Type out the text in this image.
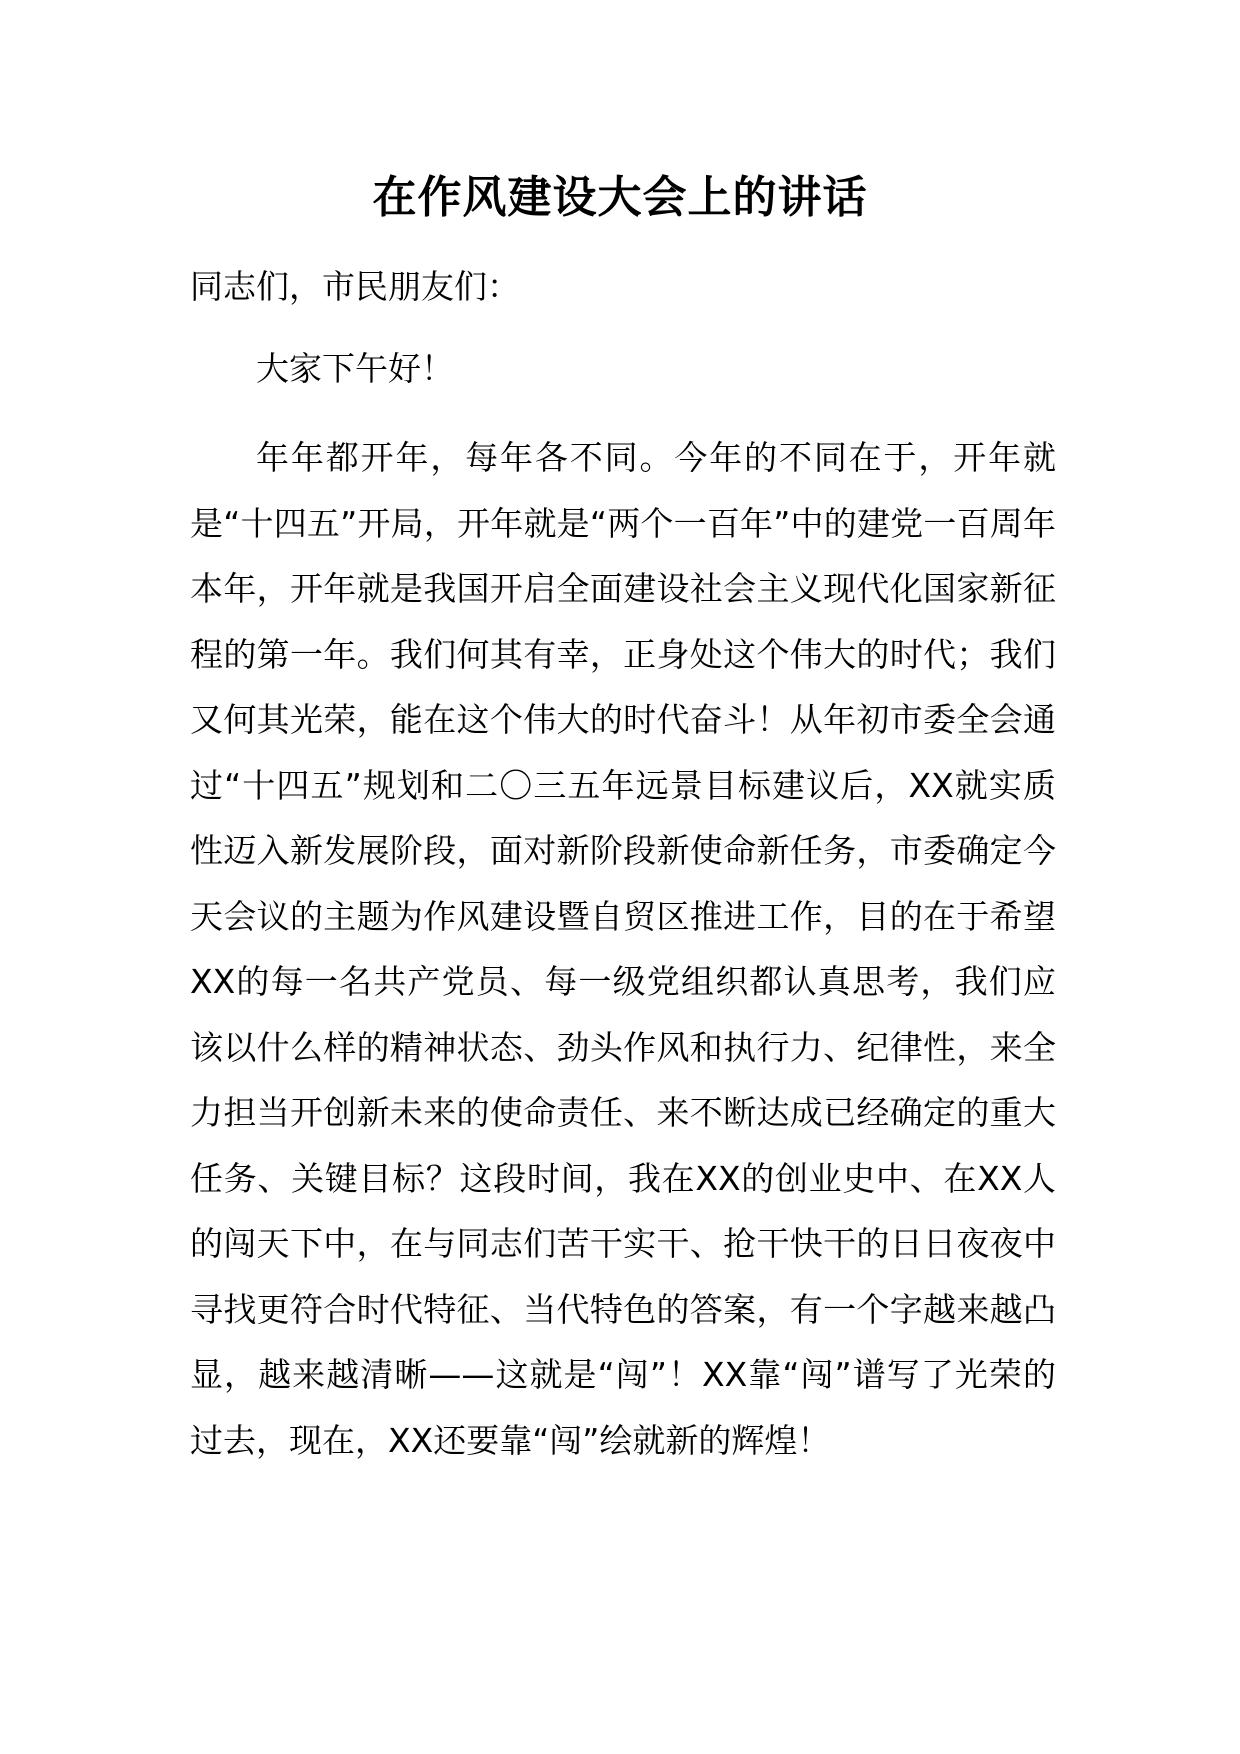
在作风建设大会上的讲话

同志们，市民朋友们：

大家下午好！

年年都开年，每年各不同。今年的不同在于，开年就是“十四五”开局，开年就是“两个一百年”中的建党一百周年本年，开年就是我国开启全面建设社会主义现代化国家新征程的第一年。我们何其有幸，正身处这个伟大的时代；我们又何其光荣，能在这个伟大的时代奋斗！从年初市委全会通过“十四五”规划和二〇三五年远景目标建议后，XX就实质性迈入新发展阶段，面对新阶段新使命新任务，市委确定今天会议的主题为作风建设暨自贸区推进工作，目的在于希望XX的每一名共产党员、每一级党组织都认真思考，我们应该以什么样的精神状态、劲头作风和执行力、纪律性，来全力担当开创新未来的使命责任、来不断达成已经确定的重大任务、关键目标？这段时间，我在XX的创业史中、在XX人的闯天下中，在与同志们苦干实干、抢干快干的日日夜夜中寻找更符合时代特征、当代特色的答案，有一个字越来越凸显，越来越清晰——这就是“闯”！XX靠“闯”谱写了光荣的过去，现在，XX还要靠“闯”绘就新的辉煌！
